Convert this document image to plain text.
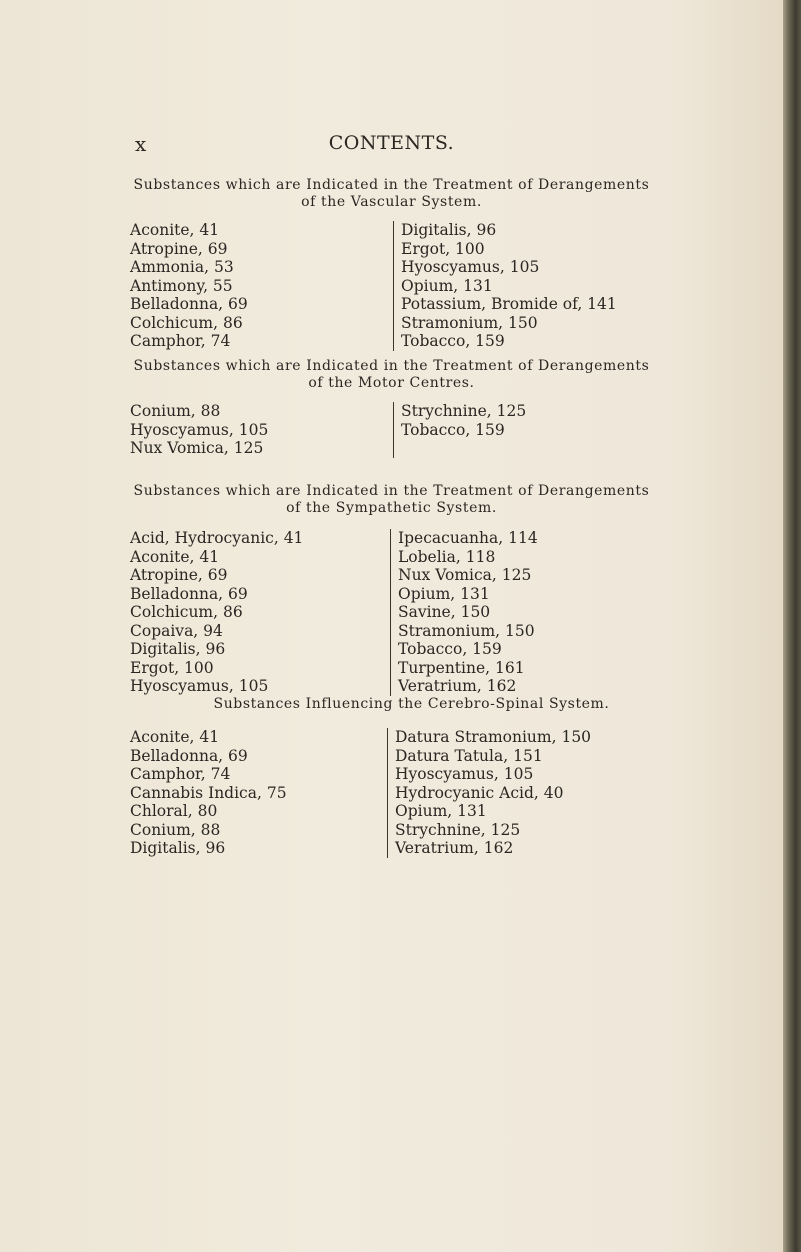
x	CONTENTS.
Substances which are Indicated in the Treatment of Derangements
of the Vascular System.
Aconite, 41
Atropine, 69
Ammonia, 53
Antimony, 55
Belladonna, 69
Colchicum, 86
Camphor, 74
Digitalis, 96
Ergot, 100
Hyoscyamus, 105
Opium, 131
Potassium, Bromide of, 141
Stramonium, 150
Tobacco, 159
Substances which are Indicated in the Treatment of Derangements
of the Motor Centres.
Conium, 88
Hyoscyamus, 105
Nux Vomica, 125
Strychnine, 125
Tobacco, 159
Substances which are Indicated in the Treatment of Derangements
of the Sympathetic System.
Acid, Hydrocyanic, 41
Aconite, 41
Atropine, 69
Belladonna, 69
Colchicum, 86
Copaiva, 94
Digitalis, 96
Ergot, 100
Hyoscyamus, 105
Ipecacuanha, 114
Lobelia, 118
Nux Vomica, 125
Opium, 131
Savine, 150
Stramonium, 150
Tobacco, 159
Turpentine, 161
Veratrium, 162
Substances Influencing the Cerebro-Spinal System.
Aconite, 41
Belladonna, 69
Camphor, 74
Cannabis Indica, 75
Chloral, 80
Conium, 88
Digitalis, 96
Datura Stramonium, 150
Datura Tatula, 151
Hyoscyamus, 105
Hydrocyanic Acid, 40
Opium, 131
Strychnine, 125
Veratrium, 162
